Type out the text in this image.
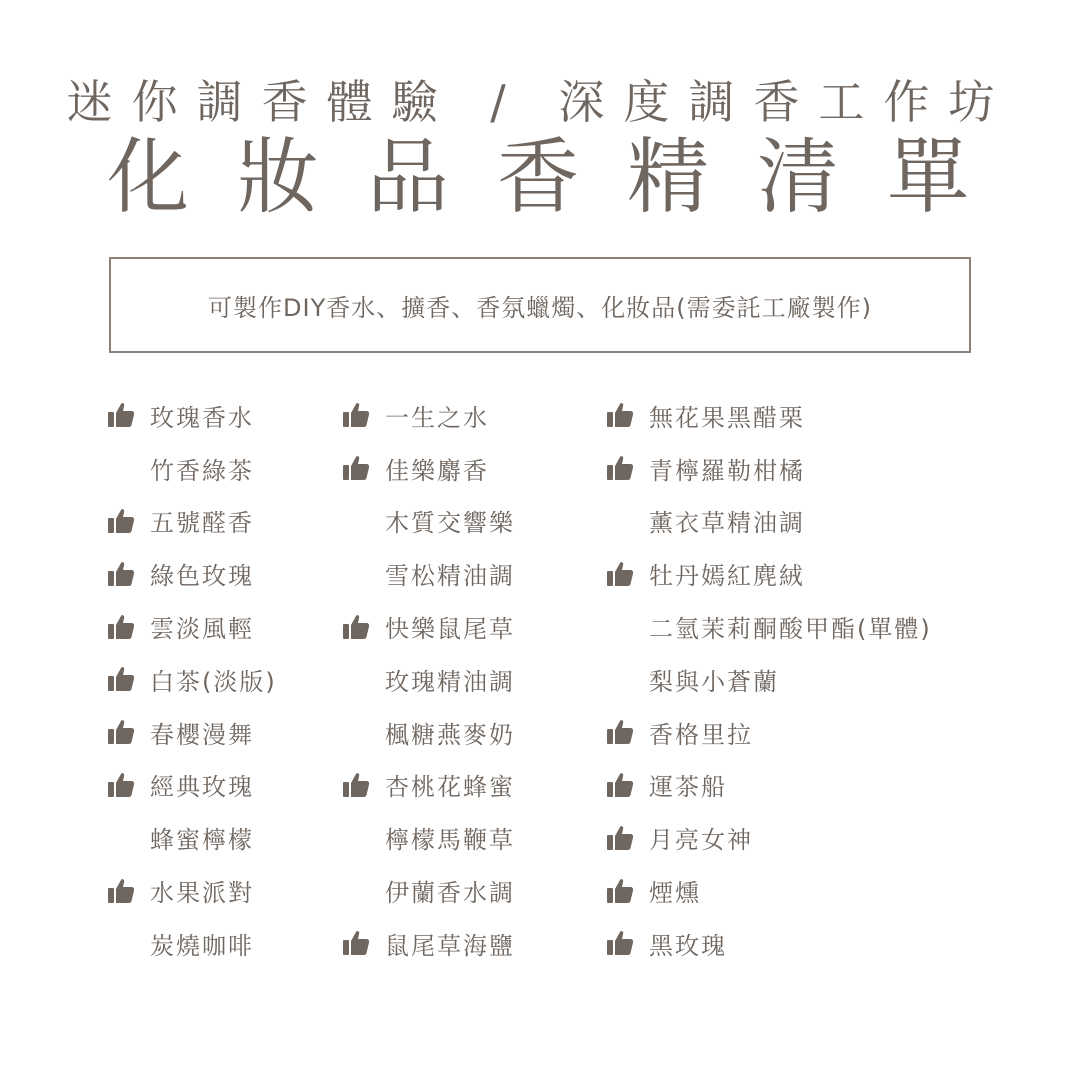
迷你調香體驗 / 深度調香工作坊
化妝品香精清單
可製作DIY香水、擴香、香氛蠟燭、化妝品(需委託工廠製作)
玫瑰香水
竹香綠茶
五號醛香
綠色玫瑰
雲淡風輕
白茶(淡版)
春櫻漫舞
經典玫瑰
蜂蜜檸檬
水果派對
炭燒咖啡
一生之水
佳樂麝香
木質交響樂
雪松精油調
快樂鼠尾草
玫瑰精油調
楓糖燕麥奶
杏桃花蜂蜜
檸檬馬鞭草
伊蘭香水調
鼠尾草海鹽
無花果黑醋栗
青檸羅勒柑橘
薰衣草精油調
牡丹嫣紅麂絨
二氫茉莉酮酸甲酯(單體)
梨與小蒼蘭
香格里拉
運茶船
月亮女神
煙燻
黑玫瑰
